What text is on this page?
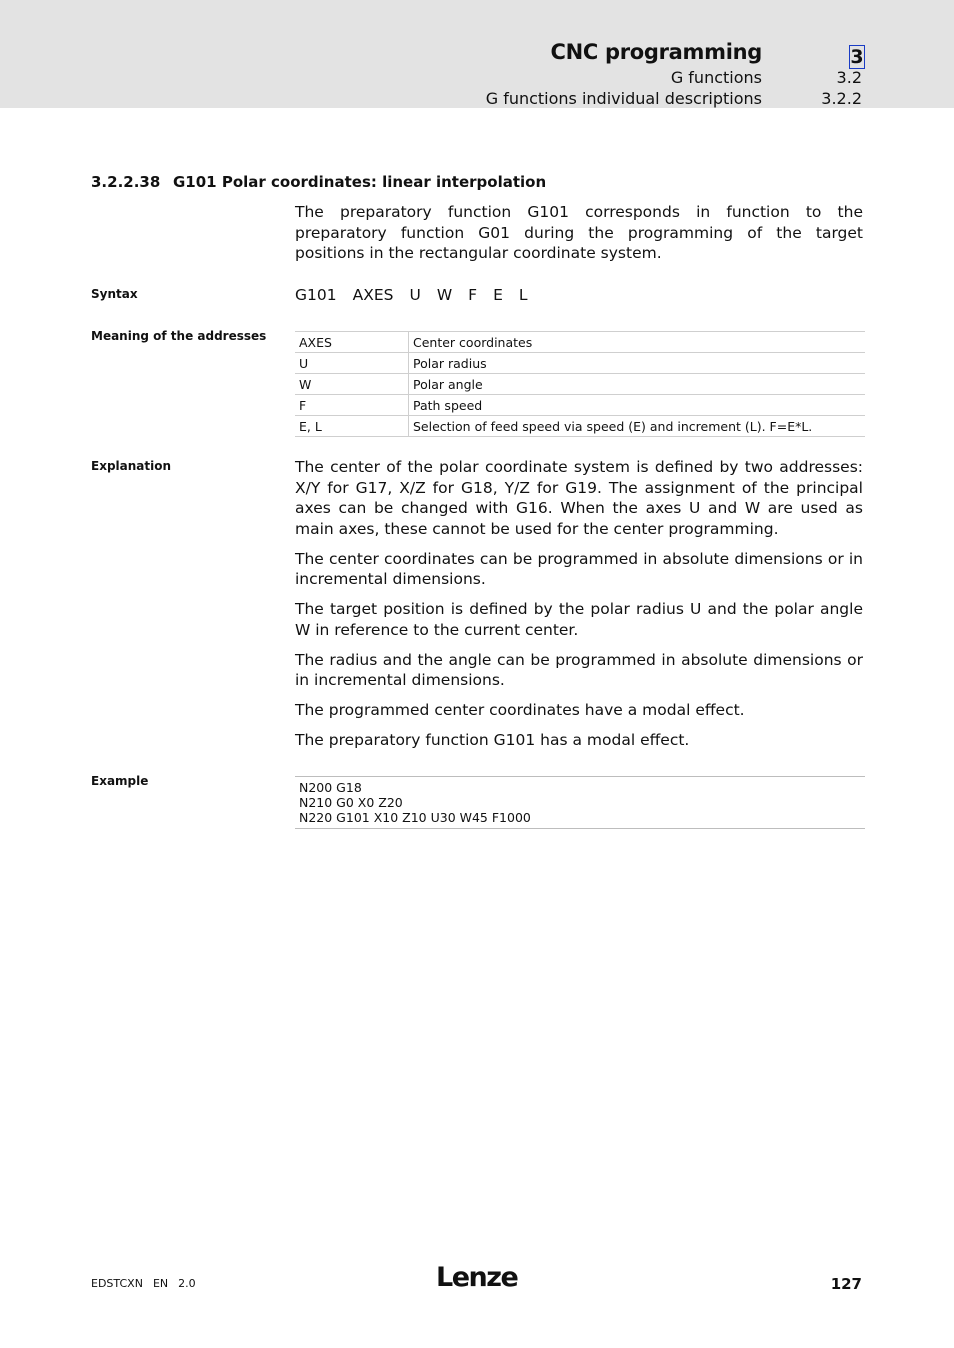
CNC programming	3
G functions	3.2
G functions individual descriptions	3.2.2
3.2.2.38 G101 Polar coordinates: linear interpolation
The preparatory function G101 corresponds in function to the preparatory function G01 during the programming of the target positions in the rectangular coordinate system.
Syntax	G101 AXES U W F E L
Meaning of the addresses	AXES	Center coordinates
U	Polar radius
W	Polar angle
F	Path speed
E, L	Selection of feed speed via speed (E) and increment (L). F=E*L.
Explanation	The center of the polar coordinate system is defined by two addresses: X/Y for G17, X/Z for G18, Y/Z for G19. The assignment of the principal axes can be changed with G16. When the axes U and W are used as main axes, these cannot be used for the center programming.

The center coordinates can be programmed in absolute dimensions or in incremental dimensions.

The target position is defined by the polar radius U and the polar angle W in reference to the current center.

The radius and the angle can be programmed in absolute dimensions or in incremental dimensions.

The programmed center coordinates have a modal effect.

The preparatory function G101 has a modal effect.

Example	N200 G18
N210 G0 X0 Z20
N220 G101 X10 Z10 U30 W45 F1000
EDSTCXN EN 2.0	Lenze	127
